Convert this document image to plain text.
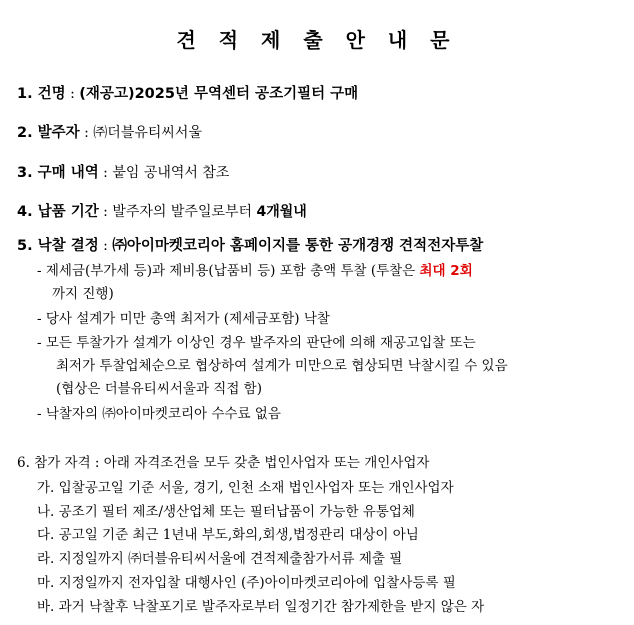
견 적 제 출 안 내 문
1. 건명 : (재공고)2025년 무역센터 공조기필터 구매
2. 발주자 : ㈜더블유티씨서울
3. 구매 내역 : 붙임 공내역서 참조
4. 납품 기간 : 발주자의 발주일로부터 4개월내
5. 낙찰 결정 : ㈜아이마켓코리아 홈페이지를 통한 공개경쟁 견적전자투찰
- 제세금(부가세 등)과 제비용(납품비 등) 포함 총액 투찰 (투찰은 최대 2회
까지 진행)
- 당사 설계가 미만 총액 최저가 (제세금포함) 낙찰
- 모든 투찰가가 설계가 이상인 경우 발주자의 판단에 의해 재공고입찰 또는
최저가 투찰업체순으로 협상하여 설계가 미만으로 협상되면 낙찰시킬 수 있음
(협상은 더블유티씨서울과 직접 함)
- 낙찰자의 ㈜아이마켓코리아 수수료 없음
6. 참가 자격 : 아래 자격조건을 모두 갖춘 법인사업자 또는 개인사업자
가. 입찰공고일 기준 서울, 경기, 인천 소재 법인사업자 또는 개인사업자
나. 공조기 필터 제조/생산업체 또는 필터납품이 가능한 유통업체
다. 공고일 기준 최근 1년내 부도,화의,회생,법정관리 대상이 아님
라. 지정일까지 ㈜더블유티씨서울에 견적제출참가서류 제출 필
마. 지정일까지 전자입찰 대행사인 (주)아이마켓코리아에 입찰사등록 필
바. 과거 낙찰후 낙찰포기로 발주자로부터 일정기간 참가제한을 받지 않은 자
